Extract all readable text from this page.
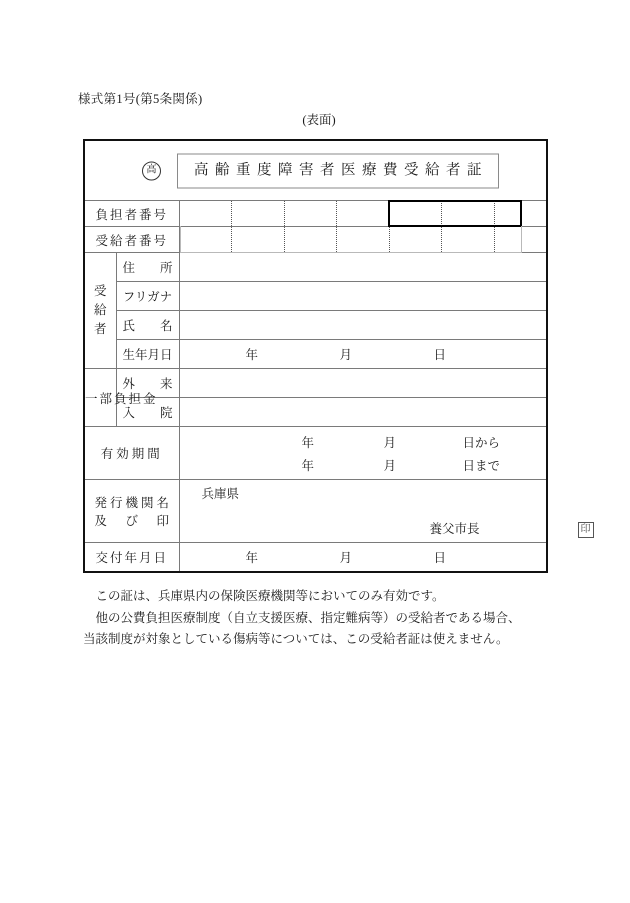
様式第1号(第5条関係)
(表面)
高 高齢重度障害者医療費受給者証		

負担者番号		

受給者番号		

受
給
者	住　　所	
	フリガナ	
	氏　　名	
	生年月日	年 月 日

一部負担金	外　　来	
	入　　院	
有効期間	
年	月	日から
年	月	日まで

発行機関名
及　び　印

兵庫県
養父市長	印

交付年月日		年 月 日

この証は、兵庫県内の保険医療機関等においてのみ有効です。

他の公費負担医療制度（自立支援医療、指定難病等）の受給者である場合、

当該制度が対象としている傷病等については、この受給者証は使えません。
